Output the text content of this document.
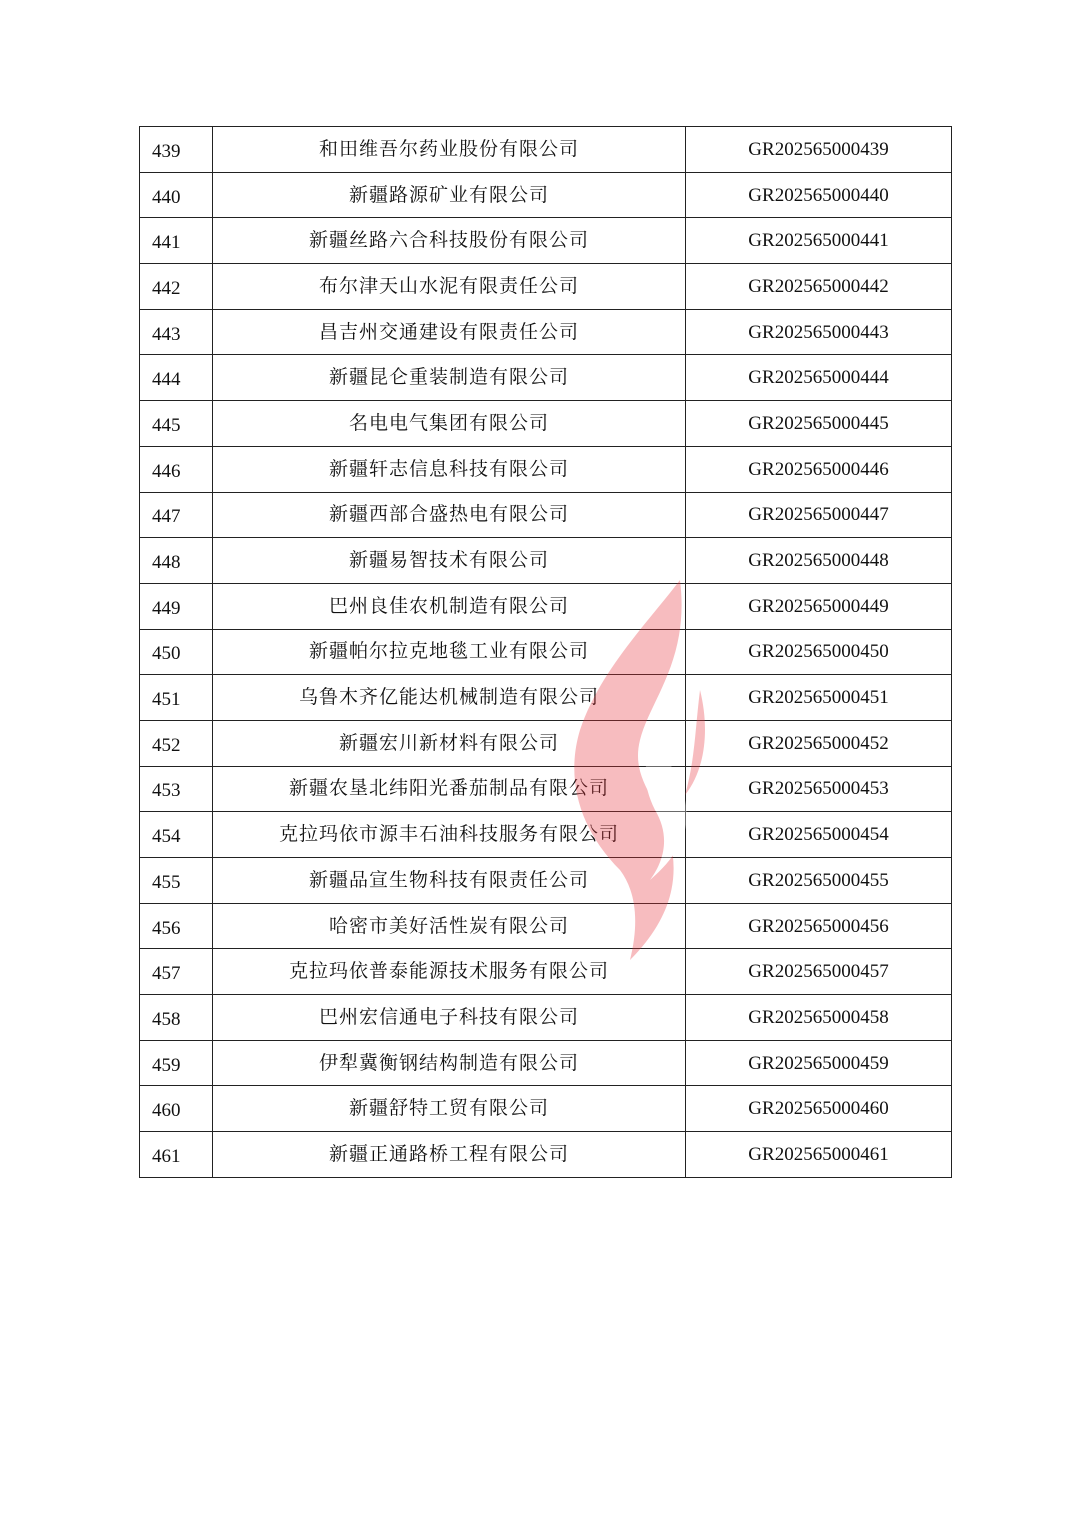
439	和田维吾尔药业股份有限公司	GR202565000439
440	新疆路源矿业有限公司	GR202565000440
441	新疆丝路六合科技股份有限公司	GR202565000441
442	布尔津天山水泥有限责任公司	GR202565000442
443	昌吉州交通建设有限责任公司	GR202565000443
444	新疆昆仑重装制造有限公司	GR202565000444
445	名电电气集团有限公司	GR202565000445
446	新疆轩志信息科技有限公司	GR202565000446
447	新疆西部合盛热电有限公司	GR202565000447
448	新疆易智技术有限公司	GR202565000448
449	巴州良佳农机制造有限公司	GR202565000449
450	新疆帕尔拉克地毯工业有限公司	GR202565000450
451	乌鲁木齐亿能达机械制造有限公司	GR202565000451
452	新疆宏川新材料有限公司	GR202565000452
453	新疆农垦北纬阳光番茄制品有限公司	GR202565000453
454	克拉玛依市源丰石油科技服务有限公司	GR202565000454
455	新疆品宣生物科技有限责任公司	GR202565000455
456	哈密市美好活性炭有限公司	GR202565000456
457	克拉玛依普泰能源技术服务有限公司	GR202565000457
458	巴州宏信通电子科技有限公司	GR202565000458
459	伊犁冀衡钢结构制造有限公司	GR202565000459
460	新疆舒特工贸有限公司	GR202565000460
461	新疆正通路桥工程有限公司	GR202565000461
